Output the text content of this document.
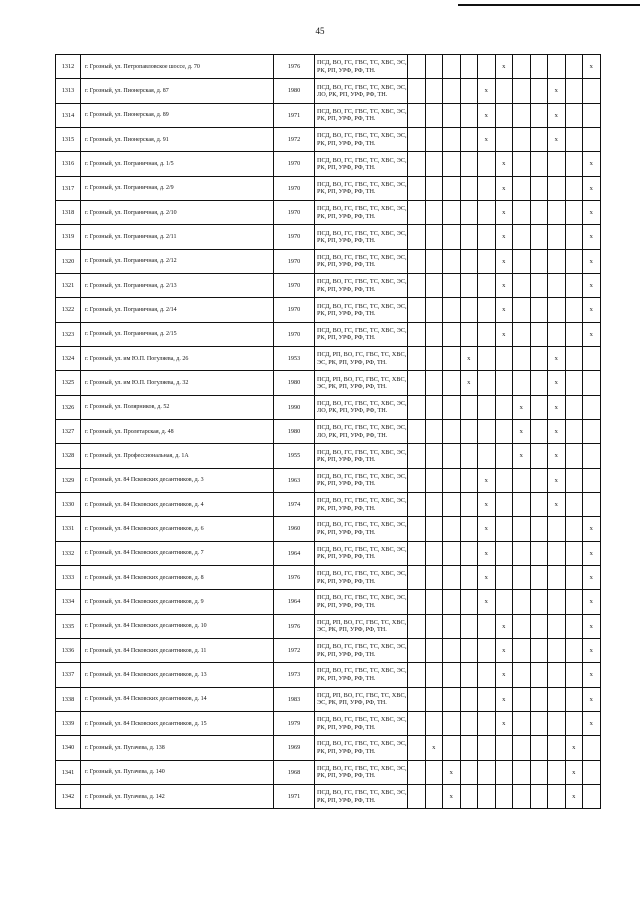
45
1312	г. Грозный, ул. Петропавловское шоссе, д. 70	1976	ПСД, ВО, ГС, ГВС, ТС, ХВС, ЭС, РК, РП, УРФ, РФ, ТН.						x					x
1313	г. Грозный, ул. Пионерская, д. 87	1980	ПСД, ВО, ГС, ГВС, ТС, ХВС, ЭС, ЛО, РК, РП, УРФ, РФ, ТН.					x				x		
1314	г. Грозный, ул. Пионерская, д. 89	1971	ПСД, ВО, ГС, ГВС, ТС, ХВС, ЭС, РК, РП, УРФ, РФ, ТН.					x				x		
1315	г. Грозный, ул. Пионерская, д. 91	1972	ПСД, ВО, ГС, ГВС, ТС, ХВС, ЭС, РК, РП, УРФ, РФ, ТН.					x				x		
1316	г. Грозный, ул. Пограничная, д. 1/5	1970	ПСД, ВО, ГС, ГВС, ТС, ХВС, ЭС, РК, РП, УРФ, РФ, ТН.						x					x
1317	г. Грозный, ул. Пограничная, д. 2/9	1970	ПСД, ВО, ГС, ГВС, ТС, ХВС, ЭС, РК, РП, УРФ, РФ, ТН.						x					x
1318	г. Грозный, ул. Пограничная, д. 2/10	1970	ПСД, ВО, ГС, ГВС, ТС, ХВС, ЭС, РК, РП, УРФ, РФ, ТН.						x					x
1319	г. Грозный, ул. Пограничная, д. 2/11	1970	ПСД, ВО, ГС, ГВС, ТС, ХВС, ЭС, РК, РП, УРФ, РФ, ТН.						x					x
1320	г. Грозный, ул. Пограничная, д. 2/12	1970	ПСД, ВО, ГС, ГВС, ТС, ХВС, ЭС, РК, РП, УРФ, РФ, ТН.						x					x
1321	г. Грозный, ул. Пограничная, д. 2/13	1970	ПСД, ВО, ГС, ГВС, ТС, ХВС, ЭС, РК, РП, УРФ, РФ, ТН.						x					x
1322	г. Грозный, ул. Пограничная, д. 2/14	1970	ПСД, ВО, ГС, ГВС, ТС, ХВС, ЭС, РК, РП, УРФ, РФ, ТН.						x					x
1323	г. Грозный, ул. Пограничная, д. 2/15	1970	ПСД, ВО, ГС, ГВС, ТС, ХВС, ЭС, РК, РП, УРФ, РФ, ТН.						x					x
1324	г. Грозный, ул. им Ю.П. Погуляева, д. 26	1953	ПСД, РП, ВО, ГС, ГВС, ТС, ХВС, ЭС, РК, РП, УРФ, РФ, ТН.				x					x		
1325	г. Грозный, ул. им Ю.П. Погуляева, д. 32	1980	ПСД, РП, ВО, ГС, ГВС, ТС, ХВС, ЭС, РК, РП, УРФ, РФ, ТН.				x					x		
1326	г. Грозный, ул. Полярников, д. 52	1990	ПСД, ВО, ГС, ГВС, ТС, ХВС, ЭС, ЛО, РК, РП, УРФ, РФ, ТН.							x		x		
1327	г. Грозный, ул. Пролетарская, д. 48	1980	ПСД, ВО, ГС, ГВС, ТС, ХВС, ЭС, ЛО, РК, РП, УРФ, РФ, ТН.							x		x		
1328	г. Грозный, ул. Профессиональная, д. 1А	1955	ПСД, ВО, ГС, ГВС, ТС, ХВС, ЭС, РК, РП, УРФ, РФ, ТН.							x		x		
1329	г. Грозный, ул. 84 Псковских десантников, д. 3	1963	ПСД, ВО, ГС, ГВС, ТС, ХВС, ЭС, РК, РП, УРФ, РФ, ТН.					x				x		
1330	г. Грозный, ул. 84 Псковских десантников, д. 4	1974	ПСД, ВО, ГС, ГВС, ТС, ХВС, ЭС, РК, РП, УРФ, РФ, ТН.					x				x		
1331	г. Грозный, ул. 84 Псковских десантников, д. 6	1960	ПСД, ВО, ГС, ГВС, ТС, ХВС, ЭС, РК, РП, УРФ, РФ, ТН.					x						x
1332	г. Грозный, ул. 84 Псковских десантников, д. 7	1964	ПСД, ВО, ГС, ГВС, ТС, ХВС, ЭС, РК, РП, УРФ, РФ, ТН.					x						x
1333	г. Грозный, ул. 84 Псковских десантников, д. 8	1976	ПСД, ВО, ГС, ГВС, ТС, ХВС, ЭС, РК, РП, УРФ, РФ, ТН.					x						x
1334	г. Грозный, ул. 84 Псковских десантников, д. 9	1964	ПСД, ВО, ГС, ГВС, ТС, ХВС, ЭС, РК, РП, УРФ, РФ, ТН.					x						x
1335	г. Грозный, ул. 84 Псковских десантников, д. 10	1976	ПСД, РП, ВО, ГС, ГВС, ТС, ХВС, ЭС, РК, РП, УРФ, РФ, ТН.						x					x
1336	г. Грозный, ул. 84 Псковских десантников, д. 11	1972	ПСД, ВО, ГС, ГВС, ТС, ХВС, ЭС, РК, РП, УРФ, РФ, ТН.						x					x
1337	г. Грозный, ул. 84 Псковских десантников, д. 13	1973	ПСД, ВО, ГС, ГВС, ТС, ХВС, ЭС, РК, РП, УРФ, РФ, ТН.						x					x
1338	г. Грозный, ул. 84 Псковских десантников, д. 14	1983	ПСД, РП, ВО, ГС, ГВС, ТС, ХВС, ЭС, РК, РП, УРФ, РФ, ТН.						x					x
1339	г. Грозный, ул. 84 Псковских десантников, д. 15	1979	ПСД, ВО, ГС, ГВС, ТС, ХВС, ЭС, РК, РП, УРФ, РФ, ТН.						x					x
1340	г. Грозный, ул. Пугачева, д. 138	1969	ПСД, ВО, ГС, ГВС, ТС, ХВС, ЭС, РК, РП, УРФ, РФ, ТН.		x								x	
1341	г. Грозный, ул. Пугачева, д. 140	1968	ПСД, ВО, ГС, ГВС, ТС, ХВС, ЭС, РК, РП, УРФ, РФ, ТН.			x							x	
1342	г. Грозный, ул. Пугачева, д. 142	1971	ПСД, ВО, ГС, ГВС, ТС, ХВС, ЭС, РК, РП, УРФ, РФ, ТН.			x							x	
